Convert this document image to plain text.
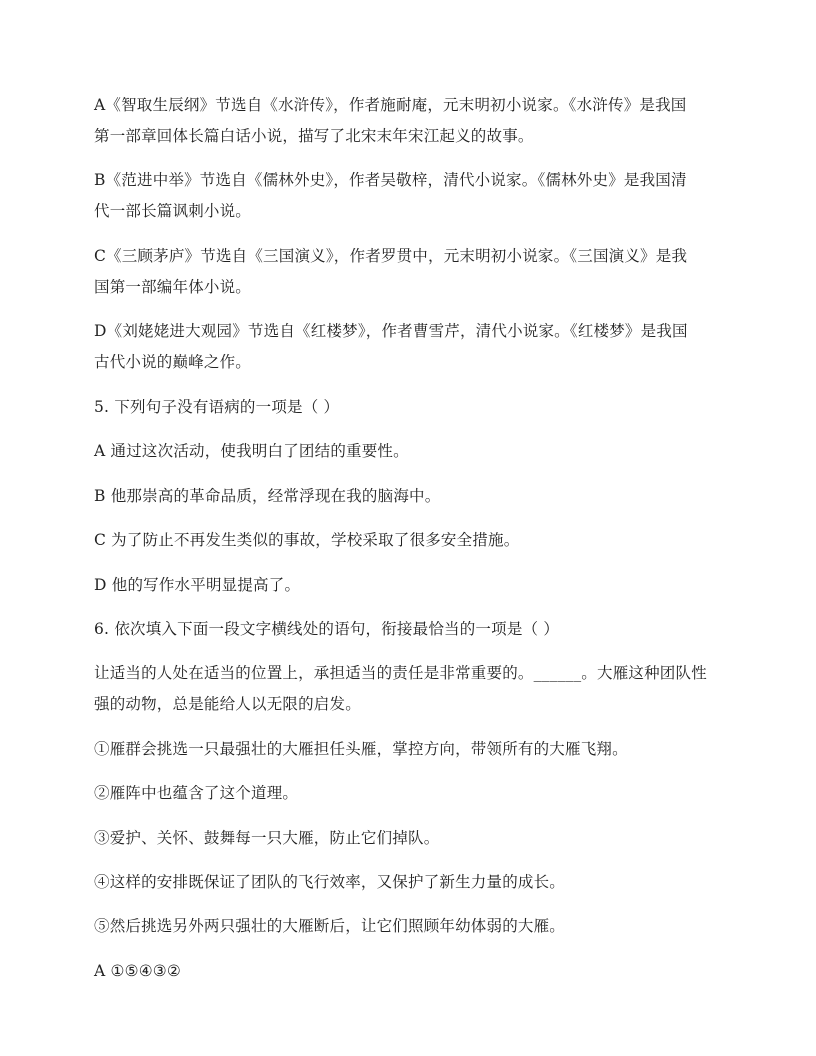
A《智取生辰纲》节选自《水浒传》，作者施耐庵，元末明初小说家。《水浒传》是我国
第一部章回体长篇白话小说，描写了北宋末年宋江起义的故事。
B《范进中举》节选自《儒林外史》，作者吴敬梓，清代小说家。《儒林外史》是我国清
代一部长篇讽刺小说。
C《三顾茅庐》节选自《三国演义》，作者罗贯中，元末明初小说家。《三国演义》是我
国第一部编年体小说。
D《刘姥姥进大观园》节选自《红楼梦》，作者曹雪芹，清代小说家。《红楼梦》是我国
古代小说的巅峰之作。
5. 下列句子没有语病的一项是（ ）
A 通过这次活动，使我明白了团结的重要性。
B 他那崇高的革命品质，经常浮现在我的脑海中。
C 为了防止不再发生类似的事故，学校采取了很多安全措施。
D 他的写作水平明显提高了。
6. 依次填入下面一段文字横线处的语句，衔接最恰当的一项是（ ）
让适当的人处在适当的位置上，承担适当的责任是非常重要的。______。大雁这种团队性
强的动物，总是能给人以无限的启发。
①雁群会挑选一只最强壮的大雁担任头雁，掌控方向，带领所有的大雁飞翔。
②雁阵中也蕴含了这个道理。
③爱护、关怀、鼓舞每一只大雁，防止它们掉队。
④这样的安排既保证了团队的飞行效率，又保护了新生力量的成长。
⑤然后挑选另外两只强壮的大雁断后，让它们照顾年幼体弱的大雁。
A ①⑤④③②
